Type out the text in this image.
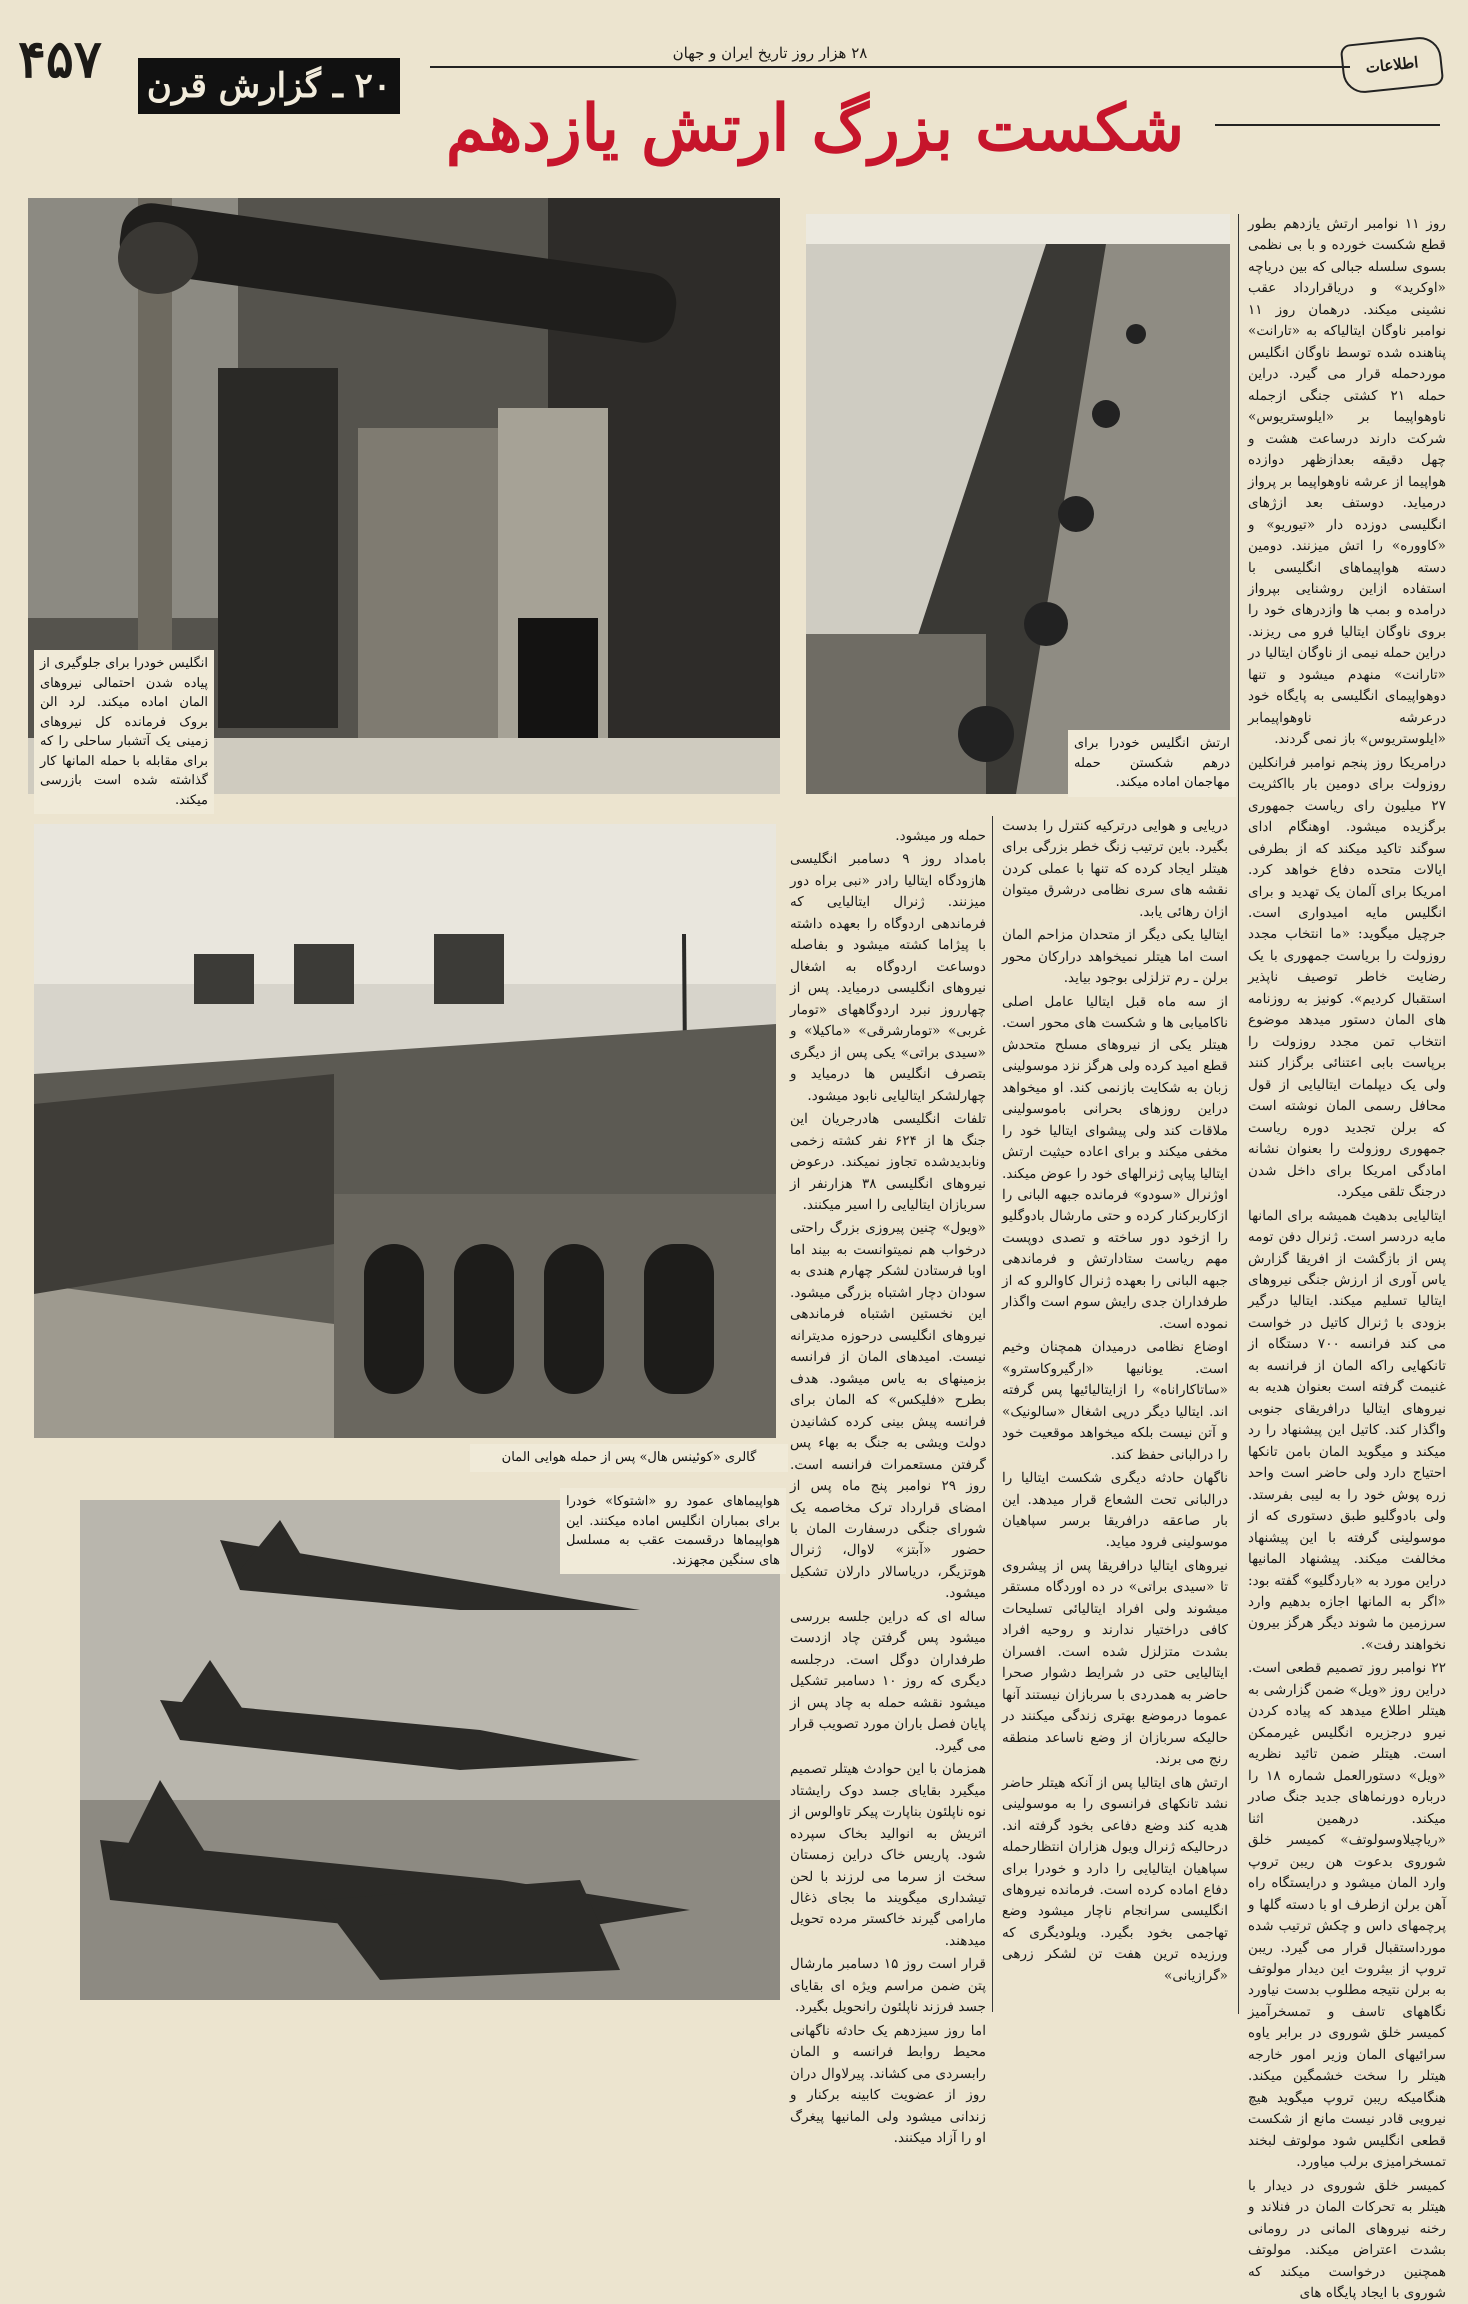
۴۵۷	۲۸ هزار روز تاریخ ایران و جهان
اطلاعات
۲۰ ـ گزارش قرن
شکست بزرگ ارتش یازدهم
انگلیس خودرا برای جلوگیری از پیاده شدن احتمالی نیروهای المان اماده میکند. لرد الن بروک فرمانده کل نیروهای زمینی یک آتشبار ساحلی را که برای مقابله با حمله المانها کار گذاشته شده است بازرسی میکند.
ارتش انگلیس خودرا برای درهم شکستن حمله مهاجمان اماده میکند.
گالری «کوئینس هال» پس از حمله هوایی المان
هواپیماهای عمود رو «اشتوکا» خودرا برای بمباران انگلیس اماده میکنند. این هواپیماها درقسمت عقب به مسلسل های سنگین مجهزند.

روز ۱۱ نوامبر ارتش یازدهم بطور قطع شکست خورده و با بی نظمی بسوی سلسله جبالی که بین دریاچه «اوکرید» و دریاقرارداد عقب نشینی میکند. درهمان روز ۱۱ نوامبر ناوگان ایتالیاکه به «تارانت» پناهنده شده توسط ناوگان انگلیس موردحمله قرار می گیرد. دراین حمله ۲۱ کشتی جنگی ازجمله ناوهواپیما بر «ایلوستریوس» شرکت دارند درساعت هشت و چهل دقیقه بعدازظهر دوازده هواپیما از عرشه ناوهواپیما بر پرواز درمیاید. دوستف بعد ازژهای انگلیسی دوزده دار «تیوریو» و «کاووره» را اتش میزنند. دومین دسته هواپیماهای انگلیسی با استفاده ازاین روشنایی بپرواز درامده و بمب ها وازدرهای خود را بروی ناوگان ایتالیا فرو می ریزند. دراین حمله نیمی از ناوگان ایتالیا در «تارانت» منهدم میشود و تنها دوهواپیمای انگلیسی به پایگاه خود درعرشه ناوهواپیمابر «ایلوستریوس» باز نمی گردند.

درامریکا روز پنجم نوامبر فرانکلین روزولت برای دومین بار بااکثریت ۲۷ میلیون رای ریاست جمهوری برگزیده میشود. اوهنگام ادای سوگند تاکید میکند که از بطرفی ایالات متحده دفاع خواهد کرد. امریکا برای آلمان یک تهدید و برای انگلیس مایه امیدواری است. جرچیل میگوید: «ما انتخاب مجدد روزولت را بریاست جمهوری با یک رضایت خاطر توصیف ناپذیر استقبال کردیم». کونیز به روزنامه های المان دستور میدهد موضوع انتخاب تمن مجدد روزولت را برپاست بابی اعتنائی برگزار کنند ولی یک دیپلمات ایتالیایی از قول محافل رسمی المان نوشته است که برلن تجدید دوره ریاست جمهوری روزولت را بعنوان نشانه امادگی امریکا برای داخل شدن درجنگ تلقی میکرد.

ایتالیایی بدهیث همیشه برای المانها مایه دردسر است. ژنرال دفن تومه پس از بازگشت از افریقا گزارش یاس آوری از ارزش جنگی نیروهای ایتالیا تسلیم میکند. ایتالیا درگیر بزودی با ژنرال کاتیل در خواست می کند فرانسه ۷۰۰ دستگاه از تانکهایی راکه المان از فرانسه به غنیمت گرفته است بعنوان هدیه به نیروهای ایتالیا درافریقای جنوبی واگذار کند. کاتیل این پیشنهاد را رد میکند و میگوید المان بامن تانکها احتیاج دارد ولی حاضر است واحد زره پوش خود را به لیبی بفرستد. ولی بادوگلیو طبق دستوری که از موسولینی گرفته با این پیشنهاد مخالفت میکند. پیشنهاد المانیها دراین مورد به «باردگلیو» گفته بود: «اگر به المانها اجازه بدهیم وارد سرزمین ما شوند دیگر هرگز بیرون نخواهند رفت».

۲۲ نوامبر روز تصمیم قطعی است. دراین روز «ویل» ضمن گزارشی به هیتلر اطلاع میدهد که پیاده کردن نیرو درجزیره انگلیس غیرممکن است. هیتلر ضمن تائید نظریه «ویل» دستورالعمل شماره ۱۸ را درباره دورنماهای جدید جنگ صادر میکند. درهمین اثنا «ریاچیلاوسولوتف» کمیسر خلق شوروی بدعوت هن ریبن تروپ وارد المان میشود و درایستگاه راه آهن برلن ازطرف او با دسته گلها و پرچمهای داس و چکش ترتیب شده مورداستقبال قرار می گیرد. ریبن تروپ از بیثروت این دیدار مولوتف به برلن نتیجه مطلوب بدست نیاورد نگاههای تاسف و تمسخرآمیز کمیسر خلق شوروی در برابر یاوه سرائیهای المان وزیر امور خارجه هیتلر را سخت خشمگین میکند. هنگامیکه ریبن تروپ میگوید هیچ نیرویی قادر نیست مانع از شکست قطعی انگلیس شود مولوتف لبخند تمسخرامیزی برلب میاورد.

کمیسر خلق شوروی در دیدار با هیتلر به تحرکات المان در فنلاند و رخنه نیروهای المانی در رومانی بشدت اعتراض میکند. مولوتف همچنین درخواست میکند که شوروی با ایجاد پایگاه های

دریایی و هوایی درترکیه کنترل را بدست بگیرد. باین ترتیب زنگ خطر بزرگی برای هیتلر ایجاد کرده که تنها با عملی کردن نقشه های سری نظامی درشرق میتوان ازان رهائی یابد.

ایتالیا یکی دیگر از متحدان مزاحم المان است اما هیتلر نمیخواهد درارکان محور برلن ـ رم تزلزلی بوجود بیاید.

از سه ماه قبل ایتالیا عامل اصلی ناکامیابی ها و شکست های محور است. هیتلر یکی از نیروهای مسلح متحدش قطع امید کرده ولی هرگز نزد موسولینی زبان به شکایت بازنمی کند. او میخواهد دراین روزهای بحرانی باموسولینی ملاقات کند ولی پیشوای ایتالیا خود را مخفی میکند و برای اعاده حیثیت ارتش ایتالیا پیاپی ژنرالهای خود را عوض میکند. اوژنرال «سودو» فرمانده جبهه البانی را ازکاربرکنار کرده و حتی مارشال بادوگلیو را ازخود دور ساخته و تصدی دوپست مهم ریاست ستادارتش و فرماندهی جبهه البانی را بعهده ژنرال کاوالرو که از طرفداران جدی رایش سوم است واگذار نموده است.

اوضاع نظامی درمیدان همچنان وخیم است. یونانیها «ارگیروکاسترو» «ساتاکاراناه» را ازایتالیائیها پس گرفته اند. ایتالیا دیگر درپی اشغال «سالونیک» و آتن نیست بلکه میخواهد موقعیت خود را درالبانی حفظ کند.

ناگهان حادثه دیگری شکست ایتالیا را درالبانی تحت الشعاع قرار میدهد. این بار صاعقه درافریقا برسر سپاهیان موسولینی فرود میاید.

نیروهای ایتالیا درافریقا پس از پیشروی تا «سیدی براتی» در ده اوردگاه مستقر میشوند ولی افراد ایتالیائی تسلیحات کافی دراختیار ندارند و روحیه افراد بشدت متزلزل شده است. افسران ایتالیایی حتی در شرایط دشوار صحرا حاضر به همدردی با سربازان نیستند آنها عموما درموضع بهتری زندگی میکنند در حالیکه سربازان از وضع ناساعد منطقه رنج می برند.

ارتش های ایتالیا پس از آنکه هیتلر حاضر نشد تانکهای فرانسوی را به موسولینی هدیه کند وضع دفاعی بخود گرفته اند. درحالیکه ژنرال ویول هزاران انتظارحمله سپاهیان ایتالیایی را دارد و خودرا برای دفاع اماده کرده است. فرمانده نیروهای انگلیسی سرانجام ناچار میشود وضع تهاجمی بخود بگیرد. ویلودیگری که ورزیده ترین هفت تن لشکر زرهی «گرازیانی»

حمله ور میشود.

بامداد روز ۹ دسامبر انگلیسی هازودگاه ایتالیا رادر «نبی براه دور میزنند. ژنرال ایتالیایی که فرماندهی اردوگاه را بعهده داشته با پیژاما کشته میشود و بفاصله دوساعت اردوگاه به اشغال نیروهای انگلیسی درمیاید. پس از چهارروز نبرد اردوگاههای «تومار غربی» «تومارشرقی» «ماکیلا» و «سیدی براتی» یکی پس از دیگری بتصرف انگلیس ها درمیاید و چهارلشکر ایتالیایی نابود میشود.

تلفات انگلیسی هادرجریان این جنگ ها از ۶۲۴ نفر کشته زخمی ونابدیدشده تجاوز نمیکند. درعوض نیروهای انگلیسی ۳۸ هزارنفر از سربازان ایتالیایی را اسیر میکنند.

«ویول» چنین پیروزی بزرگ راحتی درخواب هم نمیتوانست به بیند اما اوبا فرستادن لشکر چهارم هندی به سودان دچار اشتباه بزرگی میشود. این نخستین اشتباه فرماندهی نیروهای انگلیسی درحوزه مدیترانه نیست. امیدهای المان از فرانسه بزمینهای به یاس میشود. هدف بطرح «فلیکس» که المان برای فرانسه پیش بینی کرده کشانیدن دولت ویشی به جنگ به بهاء پس گرفتن مستعمرات فرانسه است. روز ۲۹ نوامبر پنج ماه پس از امضای قرارداد ترک مخاصمه یک شورای جنگی درسفارت المان با حضور «آبتز» لاوال، ژنرال هوتزیگر، دریاسالار دارلان تشکیل میشود.

ساله ای که دراین جلسه بررسی میشود پس گرفتن چاد ازدست طرفداران دوگل است. درجلسه دیگری که روز ۱۰ دسامبر تشکیل میشود نقشه حمله به چاد پس از پایان فصل باران مورد تصویب قرار می گیرد.

همزمان با این حوادث هیتلر تصمیم میگیرد بقایای جسد دوک رایشتاد نوه ناپلئون بناپارت پیکر تاوالوس از اتریش به انوالید بخاک سپرده شود. پاریس خاک دراین زمستان سخت از سرما می لرزند با لحن تیشداری میگویند ما بجای ذغال مارامی گیرند خاکستر مرده تحویل میدهند.

قرار است روز ۱۵ دسامبر مارشال پتن ضمن مراسم ویژه ای بقایای جسد فرزند ناپلئون رانحویل بگیرد.

اما روز سیزدهم یک حادثه ناگهانی محیط روابط فرانسه و المان رابسردی می کشاند. پیرلاوال دران روز از عضویت کابینه برکنار و زندانی میشود ولی المانیها پیغرگ او را آزاد میکنند.
